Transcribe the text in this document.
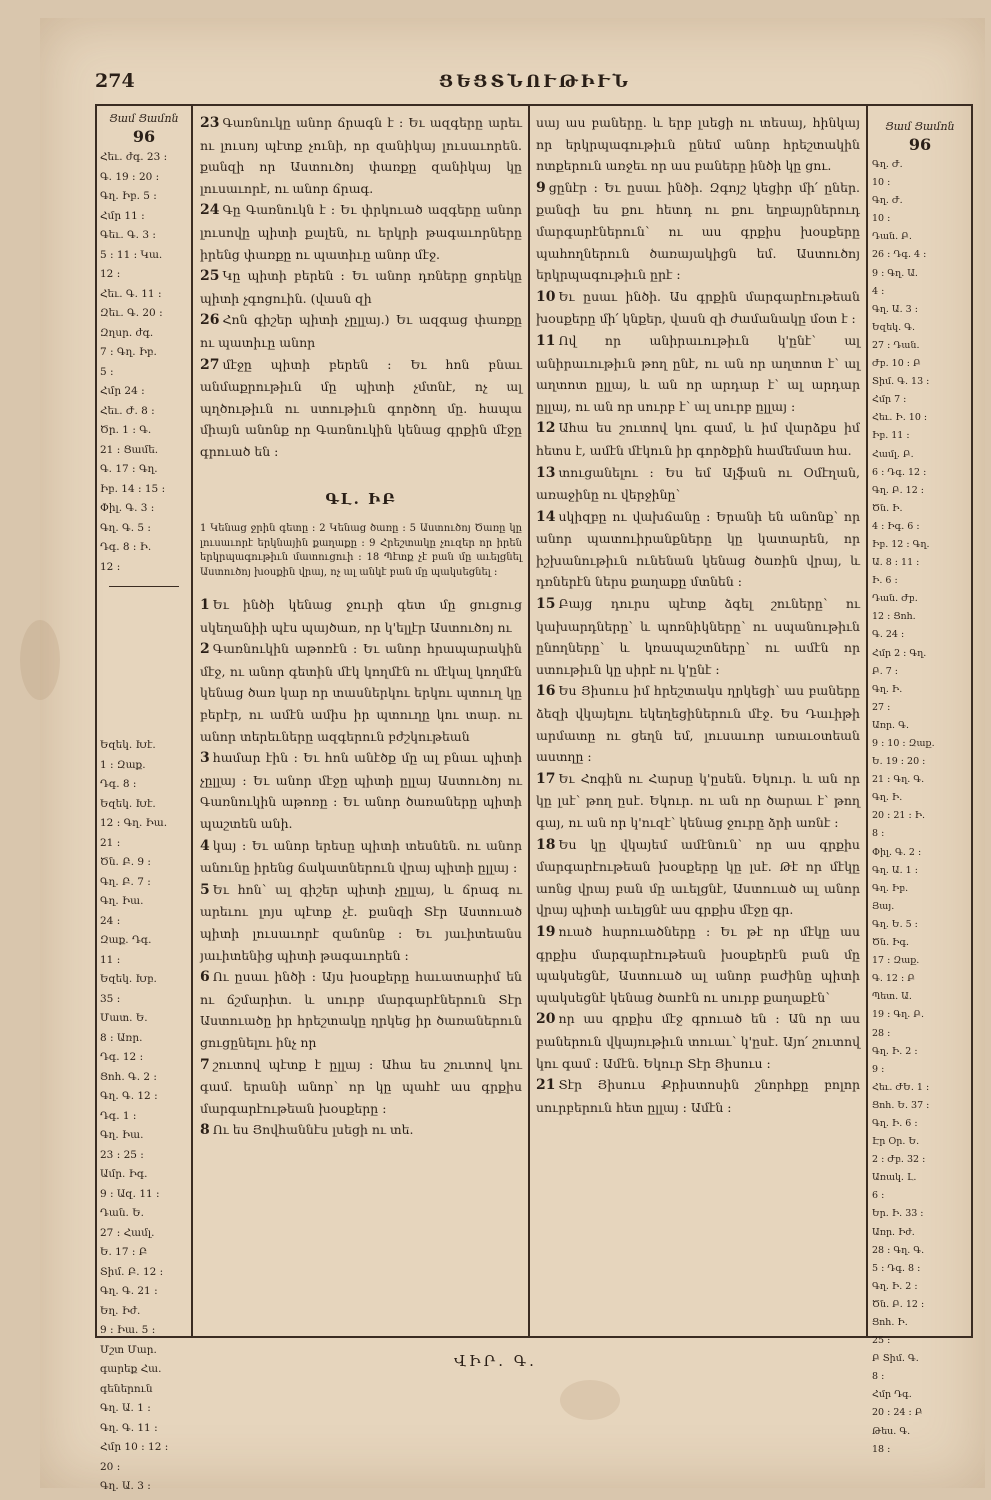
274	ՑԵՑՏՆՈՒԹԻՒՆ
Ցամ Ցամոն
96
Հեւ. ժգ. 23 ։
Գ. 19 ։ 20 ։
Գղ. Իբ. 5 ։
Հմր 11 ։
Գեւ. Գ. 3 ։
5 ։ 11 ։ Կա.
12 ։
Հեւ. Գ. 11 ։
Զեւ. Գ. 20 ։
Զղսր. ժգ.
7 ։ Գղ. Իբ.
5 ։
Հմր 24 ։
Հեւ. Ժ. 8 ։
Ծր. 1 ։ Գ.
21 ։ Ցամե.
Գ. 17 ։ Գղ.
Իբ. 14 ։ 15 ։
Փիլ. Գ. 3 ։
Գղ. Գ. 5 ։
Դգ. 8 ։ Ի.
12 ։
Եզեկ. Խէ.
1 ։ Զաք.
Դգ. 8 ։
Եզեկ. Խէ.
12 ։ Գղ. Իա.
21 ։
Ծն. Բ. 9 ։
Գղ. Բ. 7 ։
Գղ. Իա.
24 ։
Զաք. Դգ.
11 ։
Եզեկ. Խբ.
35 ։
Մատ. Ե.
8 ։ Առր.
Դգ. 12 ։
Ցոհ. Գ. 2 ։
Գղ. Գ. 12 ։
Դգ. 1 ։
Գղ. Իա.
23 ։ 25 ։
Ամր. Իգ.
9 ։ Ազ. 11 ։
Դան. Ե.
27 ։ Համլ.
Ե. 17 ։ Բ
Տիմ. Բ. 12 ։
Գղ. Գ. 21 ։
Եղ. Իժ.
9 ։ Իա. 5 ։
Մշտ Մար.
գարեք Հա.
գեներուն
Գղ. Ա. 1 ։
Գղ. Գ. 11 ։
Հմր 10 ։ 12 ։
20 ։
Գղ. Ա. 3 ։

23 Գառնուկը անոր ճրագն է ։ Եւ ազգերը արեւ ու լուսոյ պէտք չունի, որ զանիկայ լուսաւորեն. քանզի որ Աստուծոյ փառքը զանիկայ կը լուսաւորէ, ու անոր ճրագ.

24 Գը Գառնուկն է ։ Եւ փրկուած ազգերը անոր լուսովը պիտի քալեն, ու երկրի թագաւորները իրենց փառքը ու պատիւը անոր մէջ.

25 Կը պիտի բերեն ։ Եւ անոր դռները ցորեկը պիտի չգոցուին. (վասն զի

26 Հոն գիշեր պիտի չըլլայ.) Եւ ազգաց փառքը ու պատիւը անոր

27 մէջը պիտի բերեն ։ Եւ հոն բնաւ անմաքրութիւն մը պիտի չմտնէ, ոչ ալ պղծութիւն ու ստութիւն գործող մը. հապա միայն անոնք որ Գառնուկին կենաց գրքին մէջը գրուած են ։

ԳԼ. ԻԲ
1 Կենաց ջրին գետը ։ 2 Կենաց ծառը ։ 5 Աստուծոյ Ծառը կը լուսաւորէ երկնային քաղաքը ։ 9 Հրեշտակը չուզեր որ իրեն երկրպագութիւն մատուցուի ։ 18 Պէտք չէ բան մը աւելցնել Աստուծոյ խօսքին վրայ, ոչ ալ անկէ բան մը պակսեցնել ։

1 Եւ ինծի կենաց ջուրի գետ մը ցուցուց սկեղանիի պէս պայծառ, որ կ'ելլէր Աստուծոյ ու

2 Գառնուկին աթոռէն ։ Եւ անոր հրապարակին մէջ, ու անոր գետին մէկ կողմէն ու մէկալ կողմէն կենաց ծառ կար որ տասներկու երկու պտուղ կը բերէր, ու ամէն ամիս իր պտուղը կու տար. ու անոր տերեւները ազգերուն բժշկութեան

3 համար էին ։ Եւ հոն անէծք մը ալ բնաւ պիտի չըլլայ ։ Եւ անոր մէջը պիտի ըլլայ Աստուծոյ ու Գառնուկին աթոռը ։ Եւ անոր ծառաները պիտի պաշտեն անի.

4 կայ ։ Եւ անոր երեսը պիտի տեսնեն. ու անոր անունը իրենց ճակատներուն վրայ պիտի ըլլայ ։

5 Եւ հոն՝ ալ գիշեր պիտի չըլլայ, և ճրագ ու արեւու լոյս պէտք չէ. քանզի Տէր Աստուած պիտի լուսաւորէ զանոնք ։ Եւ յաւիտեանս յաւիտենից պիտի թագաւորեն ։

6 Ու ըսաւ ինծի ։ Այս խօսքերը հաւատարիմ են ու ճշմարիտ. և սուրբ մարգարէներուն Տէր Աստուածը իր հրեշտակը ղրկեց իր ծառաներուն ցուցընելու ինչ որ

7 շուտով պէտք է ըլլայ ։ Ահա ես շուտով կու գամ. երանի անոր՝ որ կը պահէ աս գրքիս մարգարէութեան խօսքերը ։

8 Ու ես Յովհաննէս լսեցի ու տե.

սայ աս բաները. և երբ լսեցի ու տեսայ, հինկայ որ երկրպագութիւն ընեմ անոր հրեշտակին ոտքերուն առջեւ որ աս բաները ինծի կը ցու.

9 ցընէր ։ Եւ ըսաւ ինծի. Զգոյշ կեցիր մի՛ ըներ. քանզի ես քու հետդ ու քու եղբայրներուդ մարգարէներուն՝ ու աս գրքիս խօսքերը պահողներուն ծառայակիցն եմ. Աստուծոյ երկրպագութիւն ըրէ ։

10 Եւ ըսաւ ինծի. Աս գրքին մարգարէութեան խօսքերը մի՛ կնքեր, վասն զի ժամանակը մօտ է ։

11 Ով որ անիրաւութիւն կ'ընէ՝ ալ անիրաւութիւն թող ընէ, ու ան որ աղտոտ է՝ ալ աղտոտ ըլլայ, և ան որ արդար է՝ ալ արդար ըլլայ, ու ան որ սուրբ է՝ ալ սուրբ ըլլայ ։

12 Ահա ես շուտով կու գամ, և իմ վարձքս իմ հետս է, ամէն մէկուն իր գործքին համեմատ հա.

13 տուցանելու ։ Ես եմ Ալֆան ու Օմէղան, առաջինը ու վերջինը՝

14 սկիզբը ու վախճանը ։ Երանի են անոնք՝ որ անոր պատուիրանքները կը կատարեն, որ իշխանութիւն ունենան կենաց ծառին վրայ, և դռներէն ներս քաղաքը մտնեն ։

15 Բայց դուրս պէտք ձգել շուները՝ ու կախարդները՝ և պոռնիկները՝ ու սպանութիւն ընողները՝ և կռապաշտները՝ ու ամէն որ ստութիւն կը սիրէ ու կ'ընէ ։

16 Ես Յիսուս իմ հրեշտակս ղրկեցի՝ աս բաները ձեզի վկայելու եկեղեցիներուն մէջ. Ես Դաւիթի արմատը ու ցեղն եմ, լուսաւոր առաւօտեան աստղը ։

17 Եւ Հոգին ու Հարսը կ'ըսեն. Եկուր. և ան որ կը լսէ՝ թող ըսէ. Եկուր. ու ան որ ծարաւ է՝ թող գայ, ու ան որ կ'ուզէ՝ կենաց ջուրը ձրի առնէ ։

18 Ես կը վկայեմ ամէնուն՝ որ աս գրքիս մարգարէութեան խօսքերը կը լսէ. Թէ որ մէկը աոնց վրայ բան մը աւելցնէ, Աստուած ալ անոր վրայ պիտի աւելցնէ աս գրքիս մէջը գր.

19 ուած հարուածները ։ Եւ թէ որ մէկը աս գրքիս մարգարէութեան խօսքերէն բան մը պակսեցնէ, Աստուած ալ անոր բաժինը պիտի պակսեցնէ կենաց ծառէն ու սուրբ քաղաքէն՝

20 որ աս գրքիս մէջ գրուած են ։ Ան որ աս բաներուն վկայութիւն տուաւ՝ կ'ըսէ. Այո՛ շուտով կու գամ ։ Ամէն. Եկուր Տէր Յիսուս ։

21 Տէր Յիսուս Քրիստոսին շնորհքը բոլոր սուրբերուն հետ ըլլայ ։ Ամէն ։

Ցամ Ցամոն
96
Գղ. Ժ.
10 ։
Գղ. Ժ.
10 ։
Դան. Բ.
26 ։ Դգ. 4 ։
9 ։ Գղ. Ա.
4 ։
Գղ. Ա. 3 ։
Եզեկ. Գ.
27 ։ Դան.
Ժբ. 10 ։ Բ
Տիմ. Գ. 13 ։
Հմր 7 ։
Հեւ. Ի. 10 ։
Իբ. 11 ։
Համլ. Բ.
6 ։ Դգ. 12 ։
Գղ. Բ. 12 ։
Ծն. Ի.
4 ։ Իգ. 6 ։
Իբ. 12 ։ Գղ.
Ա. 8 ։ 11 ։
Ի. 6 ։
Դան. Ժբ.
12 ։ Ցոհ.
Գ. 24 ։
Հմր 2 ։ Գղ.
Բ. 7 ։
Գղ. Ի.
27 ։
Առր. Գ.
9 ։ 10 ։ Զաք.
Ե. 19 ։ 20 ։
21 ։ Գղ. Գ.
Գղ. Ի.
20 ։ 21 ։ Ի.
8 ։
Փիլ. Գ. 2 ։
Գղ. Ա. 1 ։
Գղ. Իբ.
Յայ.
Գղ. Ե. 5 ։
Ծն. Իգ.
17 ։ Զաք.
Գ. 12 ։ Բ
Պետ. Ա.
19 ։ Գղ. Բ.
28 ։
Գղ. Ի. 2 ։
9 ։
Հեւ. ԺԵ. 1 ։
Ցոհ. Ե. 37 ։
Գղ. Ի. 6 ։
Էր Օր. Ե.
2 ։ Ժբ. 32 ։
Առակ. Լ.
6 ։
Եր. Ի. 33 ։
Առր. Իժ.
28 ։ Գղ. Գ.
5 ։ Դգ. 8 ։
Գղ. Ի. 2 ։
Ծն. Բ. 12 ։
Ցոհ. Ի.
25 ։
Բ Տիմ. Գ.
8 ։
Հմր Դգ.
20 ։ 24 ։ Բ
Թես. Գ.
18 ։
ՎԻՐ. Գ.
